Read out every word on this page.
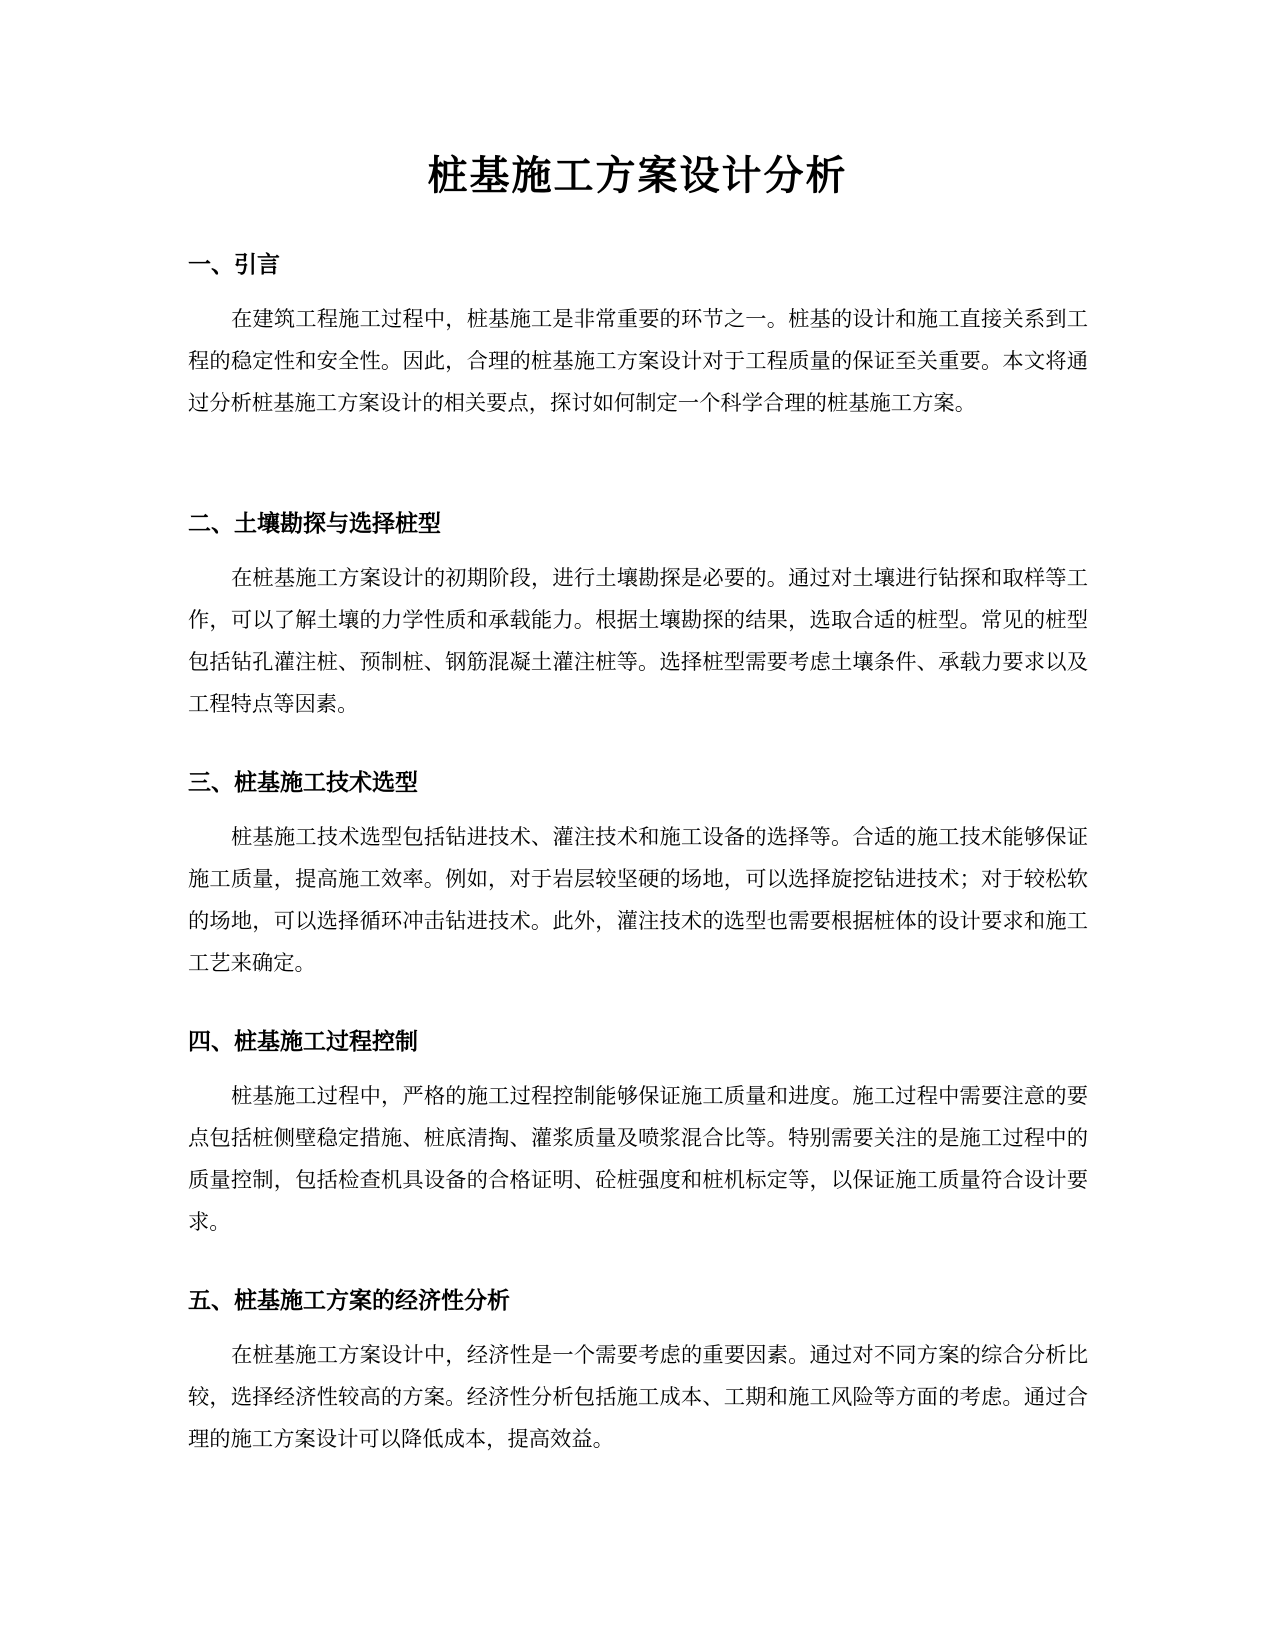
桩基施工方案设计分析
一、引言

在建筑工程施工过程中，桩基施工是非常重要的环节之一。桩基的设计和施工直接关系到工程的稳定性和安全性。因此，合理的桩基施工方案设计对于工程质量的保证至关重要。本文将通过分析桩基施工方案设计的相关要点，探讨如何制定一个科学合理的桩基施工方案。

二、土壤勘探与选择桩型

在桩基施工方案设计的初期阶段，进行土壤勘探是必要的。通过对土壤进行钻探和取样等工作，可以了解土壤的力学性质和承载能力。根据土壤勘探的结果，选取合适的桩型。常见的桩型包括钻孔灌注桩、预制桩、钢筋混凝土灌注桩等。选择桩型需要考虑土壤条件、承载力要求以及工程特点等因素。

三、桩基施工技术选型

桩基施工技术选型包括钻进技术、灌注技术和施工设备的选择等。合适的施工技术能够保证施工质量，提高施工效率。例如，对于岩层较坚硬的场地，可以选择旋挖钻进技术；对于较松软的场地，可以选择循环冲击钻进技术。此外，灌注技术的选型也需要根据桩体的设计要求和施工工艺来确定。

四、桩基施工过程控制

桩基施工过程中，严格的施工过程控制能够保证施工质量和进度。施工过程中需要注意的要点包括桩侧壁稳定措施、桩底清掏、灌浆质量及喷浆混合比等。特别需要关注的是施工过程中的质量控制，包括检查机具设备的合格证明、砼桩强度和桩机标定等，以保证施工质量符合设计要求。

五、桩基施工方案的经济性分析

在桩基施工方案设计中，经济性是一个需要考虑的重要因素。通过对不同方案的综合分析比较，选择经济性较高的方案。经济性分析包括施工成本、工期和施工风险等方面的考虑。通过合理的施工方案设计可以降低成本，提高效益。
